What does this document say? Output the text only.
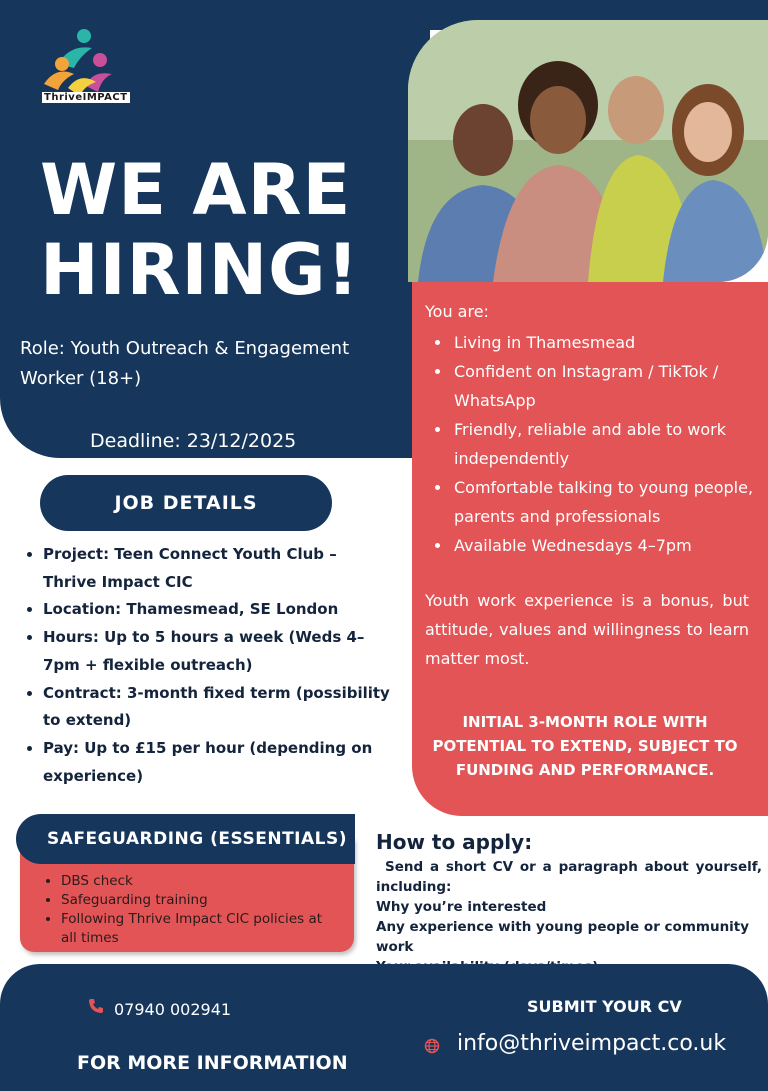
ThriveIMPACT
WE ARE
HIRING!
Role: Youth Outreach & Engagement Worker (18+)
Deadline: 23/12/2025
You are:
• Living in Thamesmead
• Confident on Instagram / TikTok / WhatsApp
• Friendly, reliable and able to work independently
• Comfortable talking to young people, parents and professionals
• Available Wednesdays 4–7pm
Youth work experience is a bonus, but attitude, values and willingness to learn matter most.
INITIAL 3-MONTH ROLE WITH POTENTIAL TO EXTEND, SUBJECT TO FUNDING AND PERFORMANCE.
JOB DETAILS
• Project: Teen Connect Youth Club – Thrive Impact CIC
• Location: Thamesmead, SE London
• Hours: Up to 5 hours a week (Weds 4–7pm + flexible outreach)
• Contract: 3-month fixed term (possibility to extend)
• Pay: Up to £15 per hour (depending on experience)
SAFEGUARDING (ESSENTIALS)
• DBS check
• Safeguarding training
• Following Thrive Impact CIC policies at all times
How to apply:
Send a short CV or a paragraph about yourself, including:
Why you’re interested
Any experience with young people or community work
07940 002941
FOR MORE INFORMATION
SUBMIT YOUR CV
info@thriveimpact.co.uk
